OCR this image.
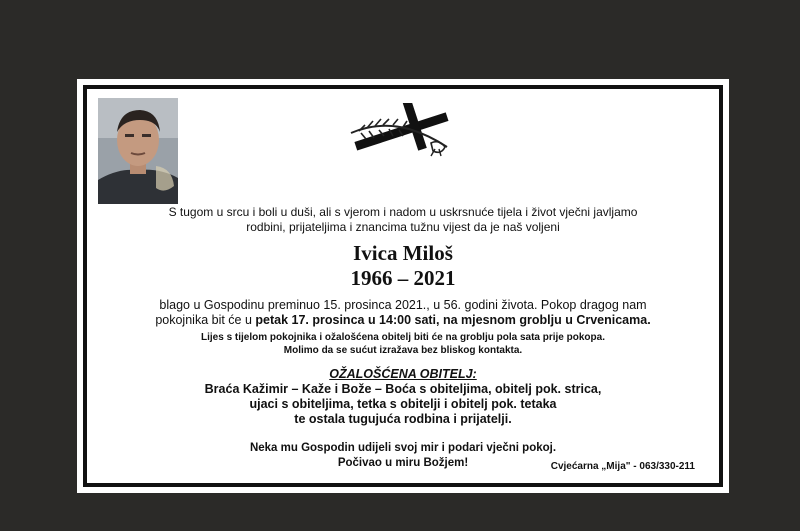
S tugom u srcu i boli u duši, ali s vjerom i nadom u uskrsnuće tijela i život vječni javljamo
rodbini, prijateljima i znancima tužnu vijest da je naš voljeni

Ivica Miloš
1966 – 2021

blago u Gospodinu preminuo 15. prosinca 2021., u 56. godini života. Pokop dragog nam pokojnika bit će u petak 17. prosinca u 14:00 sati, na mjesnom groblju u Crvenicama.

Lijes s tijelom pokojnika i ožalošćena obitelj biti će na groblju pola sata prije pokopa.
Molimo da se sućut izražava bez bliskog kontakta.

OŽALOŠĆENA OBITELJ:

Braća Kažimir – Kaže i Bože – Boća s obiteljima, obitelj pok. strica,
ujaci s obiteljima, tetka s obitelji i obitelj pok. tetaka
te ostala tugujuća rodbina i prijatelji.

Neka mu Gospodin udijeli svoj mir i podari vječni pokoj.
Počivao u miru Božjem!	Cvjećarna „Mija" - 063/330-211
